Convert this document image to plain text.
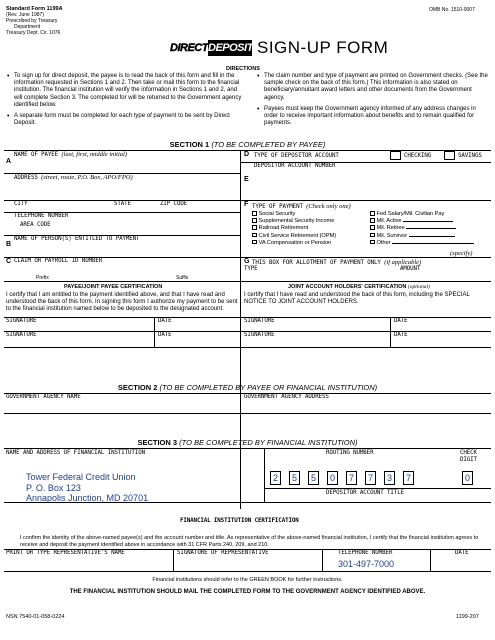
Standard Form 1199A
(Rev. June 1987)
Prescribed by Treasury
Department
Treasury Dept. Cir. 1076
OMB No. 1510-0007
DIRECT DEPOSIT SIGN-UP FORM
DIRECTIONS

• To sign up for direct deposit, the payee is to read the back of this form and fill in the information requested in Sections 1 and 2. Then take or mail this form to the financial institution. The financial institution will verify the information in Sections 1 and 2, and will complete Section 3. The completed for will be returned to the Government agency identified below.

• A separate form must be completed for each type of payment to be sent by Direct Deposit.

• The claim number and type of payment are printed on Government checks. (See the sample check on the back of this form.) This information is also stated on beneficiary/annuitant award letters and other documents from the Government agency.

• Payees must keep the Government agency informed of any address changes in order to receive important information about benefits and to remain qualified for payments.

SECTION 1 (TO BE COMPLETED BY PAYEE)
A
NAME OF PAYEE (last, first, middle initial)
ADDRESS (street, route, P.O. Box, APO/FPO)
CITY	STATE	ZIP CODE
TELEPHONE NUMBER
AREA CODE
B
NAME OF PERSON(S) ENTITLED TO PAYMENT
C CLAIM OR PAYROLL ID NUMBER
Prefix	Suffix
D TYPE OF DEPOSITOR ACCOUNT	CHECKING	SAVINGS
E
DEPOSITOR ACCOUNT NUMBER
F TYPE OF PAYMENT (Check only one)
Social Security
Supplemental Security Income
Railroad Retirement
Civil Service Retirement (OPM)
VA Compensation or Pension
Fed Salary/Mil. Civilian Pay
Mil. Active
Mil. Retiree
Mil. Survivor
Other
(specify)
G THIS BOX FOR ALLOTMENT OF PAYMENT ONLY (if applicable)
TYPE	AMOUNT
PAYEE/JOINT PAYEE CERTIFICATION
I certify that I am entitled to the payment identified above, and that I have read and understood the back of this form. In signing this form I authorize my payment to be sent to the financial institution named below to be deposited to the designated account.
JOINT ACCOUNT HOLDERS' CERTIFICATION (optional)
I certify that I have read and understood the back of this form, including the SPECIAL NOTICE TO JOINT ACCOUNT HOLDERS.
SIGNATURE	DATE	SIGNATURE	DATE
SIGNATURE	DATE	SIGNATURE	DATE
SECTION 2 (TO BE COMPLETED BY PAYEE OR FINANCIAL INSTITUTION)
GOVERNMENT AGENCY NAME	GOVERNMENT AGENCY ADDRESS
SECTION 3 (TO BE COMPLETED BY FINANCIAL INSTITUTION)
NAME AND ADDRESS OF FINANCIAL INSTITUTION
Tower Federal Credit Union
P. O. Box 123
Annapolis Junction, MD 20701
ROUTING NUMBER	CHECK
DIGIT
2	5	5	0	7	7	3	7	0
DEPOSITOR ACCOUNT TITLE
FINANCIAL INSTITUTION CERTIFICATION
I confirm the identity of the above-named payee(s) and the account number and title. As representative of the above-named financial institution, I certify that the financial institution agrees to receive and deposit the payment identified above in accordance with 31 CFR Parts 240, 209, and 210.
PRINT OR TYPE REPRESENTATIVE'S NAME	SIGNATURE OF REPRESENTATIVE	TELEPHONE NUMBER
301-497-7000
DATE
Financial institutions should refer to the GREEN BOOK for further instructions.
THE FINANCIAL INSTITUTION SHOULD MAIL THE COMPLETED FORM TO THE GOVERNMENT AGENCY IDENTIFIED ABOVE.
NSN 7540-01-058-0224	1199-207
